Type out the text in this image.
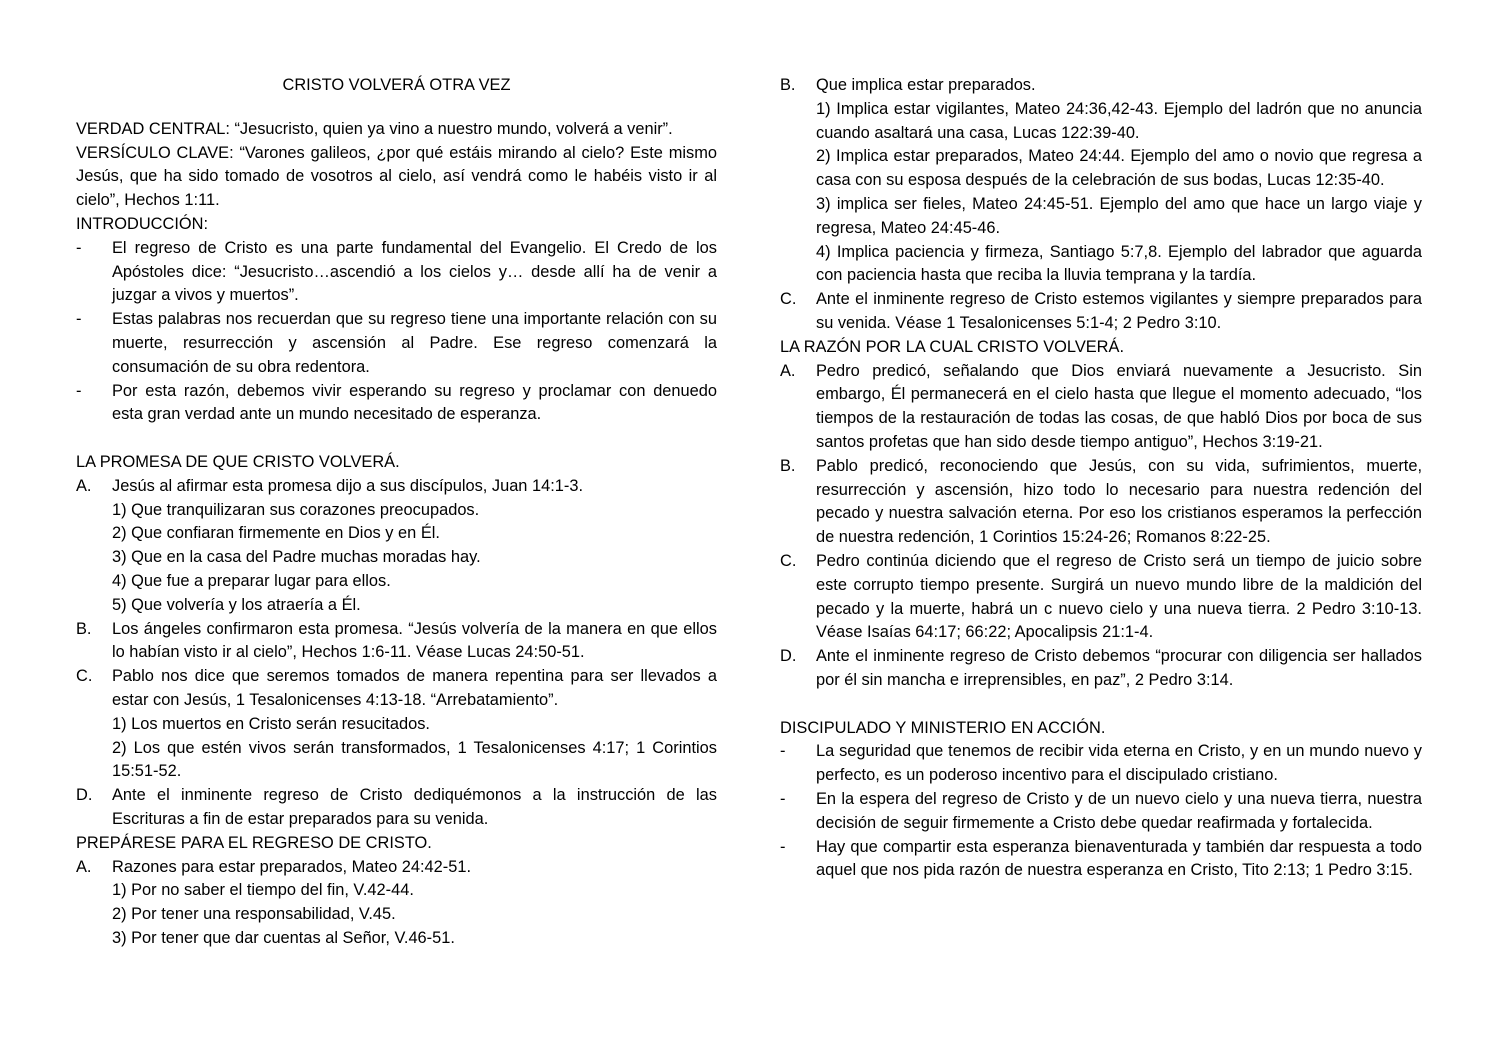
CRISTO VOLVERÁ OTRA VEZ

VERDAD CENTRAL: “Jesucristo, quien ya vino a nuestro mundo, volverá a venir”.

VERSÍCULO CLAVE: “Varones galileos, ¿por qué estáis mirando al cielo? Este mismo Jesús, que ha sido tomado de vosotros al cielo, así vendrá como le habéis visto ir al cielo”, Hechos 1:11.

INTRODUCCIÓN:

-	El regreso de Cristo es una parte fundamental del Evangelio. El Credo de los Apóstoles dice: “Jesucristo…ascendió a los cielos y… desde allí ha de venir a juzgar a vivos y muertos”.
-	Estas palabras nos recuerdan que su regreso tiene una importante relación con su muerte, resurrección y ascensión al Padre. Ese regreso comenzará la consumación de su obra redentora.
-	Por esta razón, debemos vivir esperando su regreso y proclamar con denuedo esta gran verdad ante un mundo necesitado de esperanza.

LA PROMESA DE QUE CRISTO VOLVERÁ.

A.	Jesús al afirmar esta promesa dijo a sus discípulos, Juan 14:1-3.

1) Que tranquilizaran sus corazones preocupados.

2) Que confiaran firmemente en Dios y en Él.

3) Que en la casa del Padre muchas moradas hay.

4) Que fue a preparar lugar para ellos.

5) Que volvería y los atraería a Él.

B.	Los ángeles confirmaron esta promesa. “Jesús volvería de la manera en que ellos lo habían visto ir al cielo”, Hechos 1:6-11. Véase Lucas 24:50-51.
C.	Pablo nos dice que seremos tomados de manera repentina para ser llevados a estar con Jesús, 1 Tesalonicenses 4:13-18. “Arrebatamiento”.

1) Los muertos en Cristo serán resucitados.

2) Los que estén vivos serán transformados, 1 Tesalonicenses 4:17; 1 Corintios 15:51-52.

D.	Ante el inminente regreso de Cristo dediquémonos a la instrucción de las Escrituras a fin de estar preparados para su venida.

PREPÁRESE PARA EL REGRESO DE CRISTO.

A.	Razones para estar preparados, Mateo 24:42-51.

1) Por no saber el tiempo del fin, V.42-44.

2) Por tener una responsabilidad, V.45.

3) Por tener que dar cuentas al Señor, V.46-51.

B.	Que implica estar preparados.

1) Implica estar vigilantes, Mateo 24:36,42-43. Ejemplo del ladrón que no anuncia cuando asaltará una casa, Lucas 122:39-40.

2) Implica estar preparados, Mateo 24:44. Ejemplo del amo o novio que regresa a casa con su esposa después de la celebración de sus bodas, Lucas 12:35-40.

3) implica ser fieles, Mateo 24:45-51. Ejemplo del amo que hace un largo viaje y regresa, Mateo 24:45-46.

4) Implica paciencia y firmeza, Santiago 5:7,8. Ejemplo del labrador que aguarda con paciencia hasta que reciba la lluvia temprana y la tardía.

C.	Ante el inminente regreso de Cristo estemos vigilantes y siempre preparados para su venida. Véase 1 Tesalonicenses 5:1-4; 2 Pedro 3:10.

LA RAZÓN POR LA CUAL CRISTO VOLVERÁ.

A.	Pedro predicó, señalando que Dios enviará nuevamente a Jesucristo. Sin embargo, Él permanecerá en el cielo hasta que llegue el momento adecuado, “los tiempos de la restauración de todas las cosas, de que habló Dios por boca de sus santos profetas que han sido desde tiempo antiguo”, Hechos 3:19-21.
B.	Pablo predicó, reconociendo que Jesús, con su vida, sufrimientos, muerte, resurrección y ascensión, hizo todo lo necesario para nuestra redención del pecado y nuestra salvación eterna. Por eso los cristianos esperamos la perfección de nuestra redención, 1 Corintios 15:24-26; Romanos 8:22-25.
C.	Pedro continúa diciendo que el regreso de Cristo será un tiempo de juicio sobre este corrupto tiempo presente. Surgirá un nuevo mundo libre de la maldición del pecado y la muerte, habrá un c nuevo cielo y una nueva tierra. 2 Pedro 3:10-13. Véase Isaías 64:17; 66:22; Apocalipsis 21:1-4.
D.	Ante el inminente regreso de Cristo debemos “procurar con diligencia ser hallados por él sin mancha e irreprensibles, en paz”, 2 Pedro 3:14.

DISCIPULADO Y MINISTERIO EN ACCIÓN.

-	La seguridad que tenemos de recibir vida eterna en Cristo, y en un mundo nuevo y perfecto, es un poderoso incentivo para el discipulado cristiano.
-	En la espera del regreso de Cristo y de un nuevo cielo y una nueva tierra, nuestra decisión de seguir firmemente a Cristo debe quedar reafirmada y fortalecida.
-	Hay que compartir esta esperanza bienaventurada y también dar respuesta a todo aquel que nos pida razón de nuestra esperanza en Cristo, Tito 2:13; 1 Pedro 3:15.
